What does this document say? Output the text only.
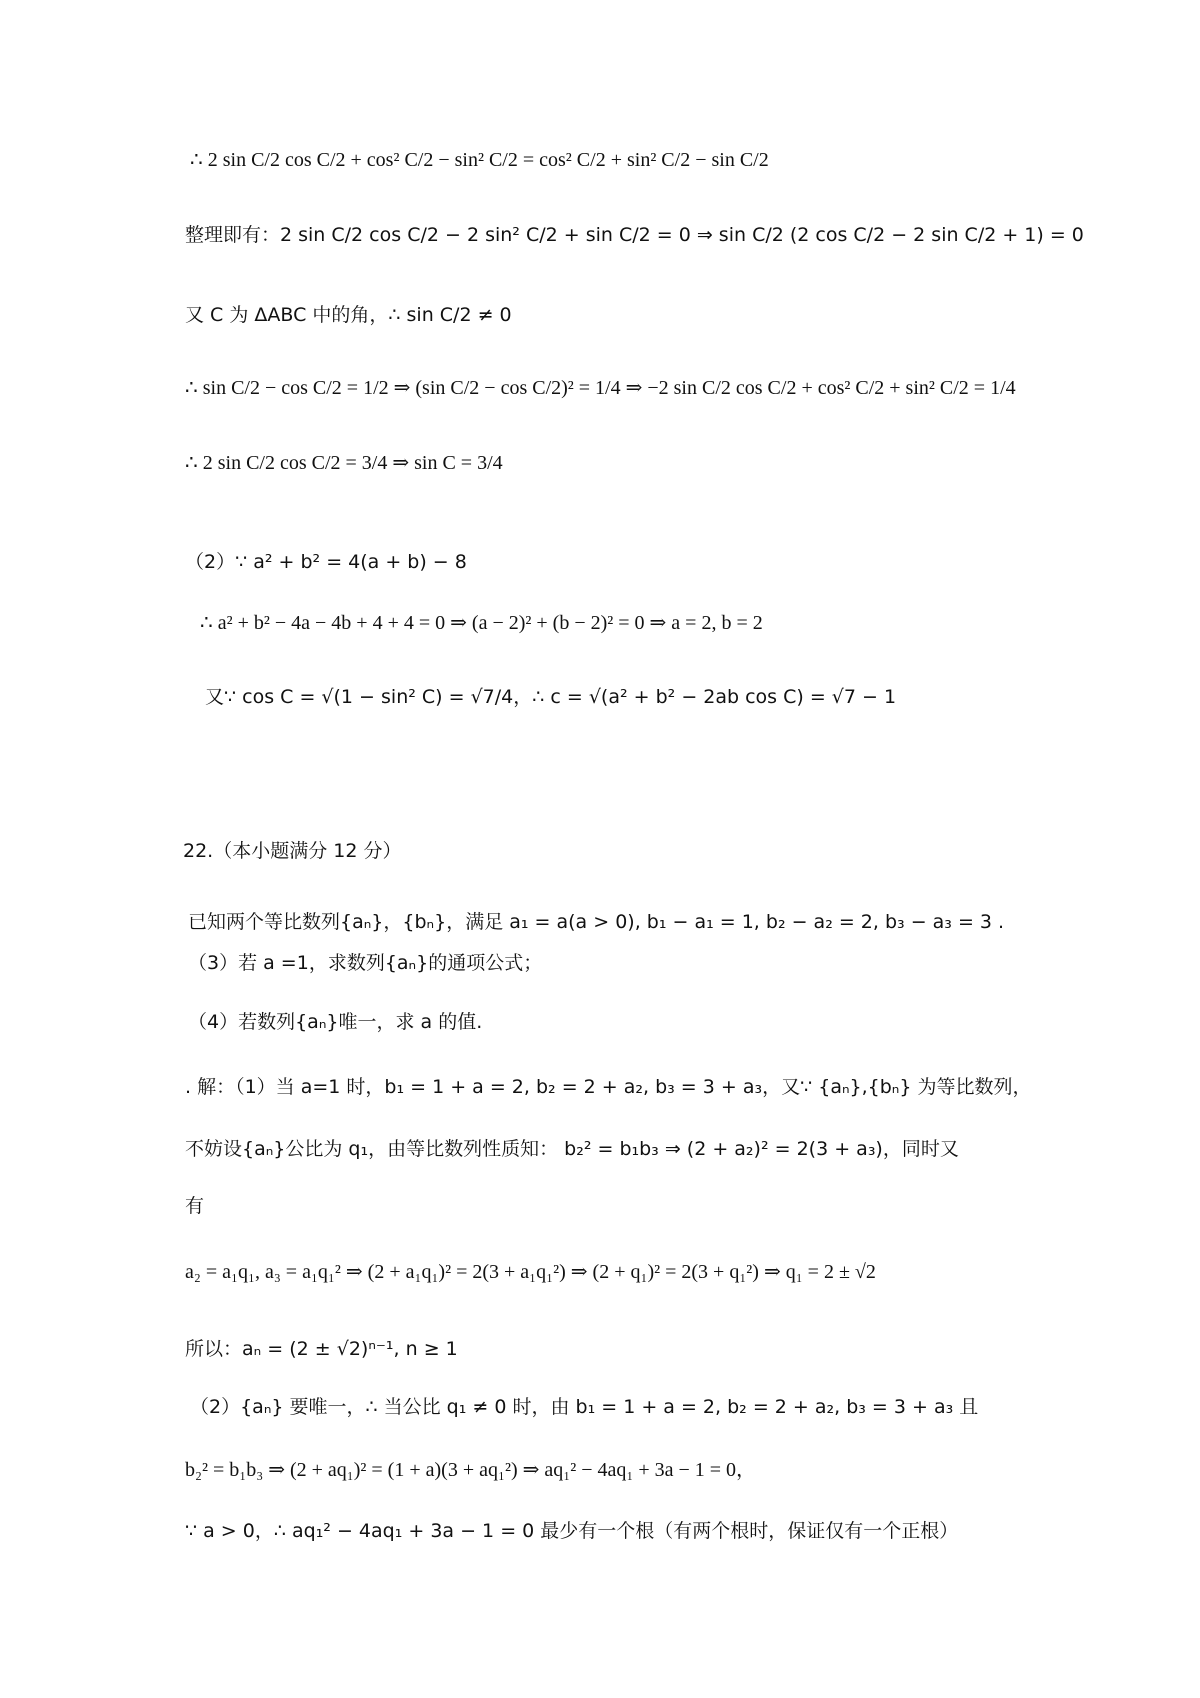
∴ 2 sin C/2 cos C/2 + cos² C/2 − sin² C/2 = cos² C/2 + sin² C/2 − sin C/2
整理即有：2 sin C/2 cos C/2 − 2 sin² C/2 + sin C/2 = 0 ⇒ sin C/2 (2 cos C/2 − 2 sin C/2 + 1) = 0
又 C 为 ΔABC 中的角，∴ sin C/2 ≠ 0
∴ sin C/2 − cos C/2 = 1/2 ⇒ (sin C/2 − cos C/2)² = 1/4 ⇒ −2 sin C/2 cos C/2 + cos² C/2 + sin² C/2 = 1/4
∴ 2 sin C/2 cos C/2 = 3/4 ⇒ sin C = 3/4
（2）∵ a² + b² = 4(a + b) − 8
∴ a² + b² − 4a − 4b + 4 + 4 = 0 ⇒ (a − 2)² + (b − 2)² = 0 ⇒ a = 2, b = 2
又∵ cos C = √(1 − sin² C) = √7/4，∴ c = √(a² + b² − 2ab cos C) = √7 − 1
22.（本小题满分 12 分）
已知两个等比数列{aₙ}，{bₙ}，满足 a₁ = a(a > 0), b₁ − a₁ = 1, b₂ − a₂ = 2, b₃ − a₃ = 3 .
（3）若 a =1，求数列{aₙ}的通项公式；
（4）若数列{aₙ}唯一，求 a 的值.
. 解：（1）当 a=1 时，b₁ = 1 + a = 2, b₂ = 2 + a₂, b₃ = 3 + a₃，又∵ {aₙ},{bₙ} 为等比数列，
不妨设{aₙ}公比为 q₁，由等比数列性质知： b₂² = b₁b₃ ⇒ (2 + a₂)² = 2(3 + a₃)，同时又
有
a₂ = a₁q₁, a₃ = a₁q₁² ⇒ (2 + a₁q₁)² = 2(3 + a₁q₁²) ⇒ (2 + q₁)² = 2(3 + q₁²) ⇒ q₁ = 2 ± √2
所以：aₙ = (2 ± √2)ⁿ⁻¹, n ≥ 1
（2）{aₙ} 要唯一，∴ 当公比 q₁ ≠ 0 时，由 b₁ = 1 + a = 2, b₂ = 2 + a₂, b₃ = 3 + a₃ 且
b₂² = b₁b₃ ⇒ (2 + aq₁)² = (1 + a)(3 + aq₁²) ⇒ aq₁² − 4aq₁ + 3a − 1 = 0，
∵ a > 0，∴ aq₁² − 4aq₁ + 3a − 1 = 0 最少有一个根（有两个根时，保证仅有一个正根）
